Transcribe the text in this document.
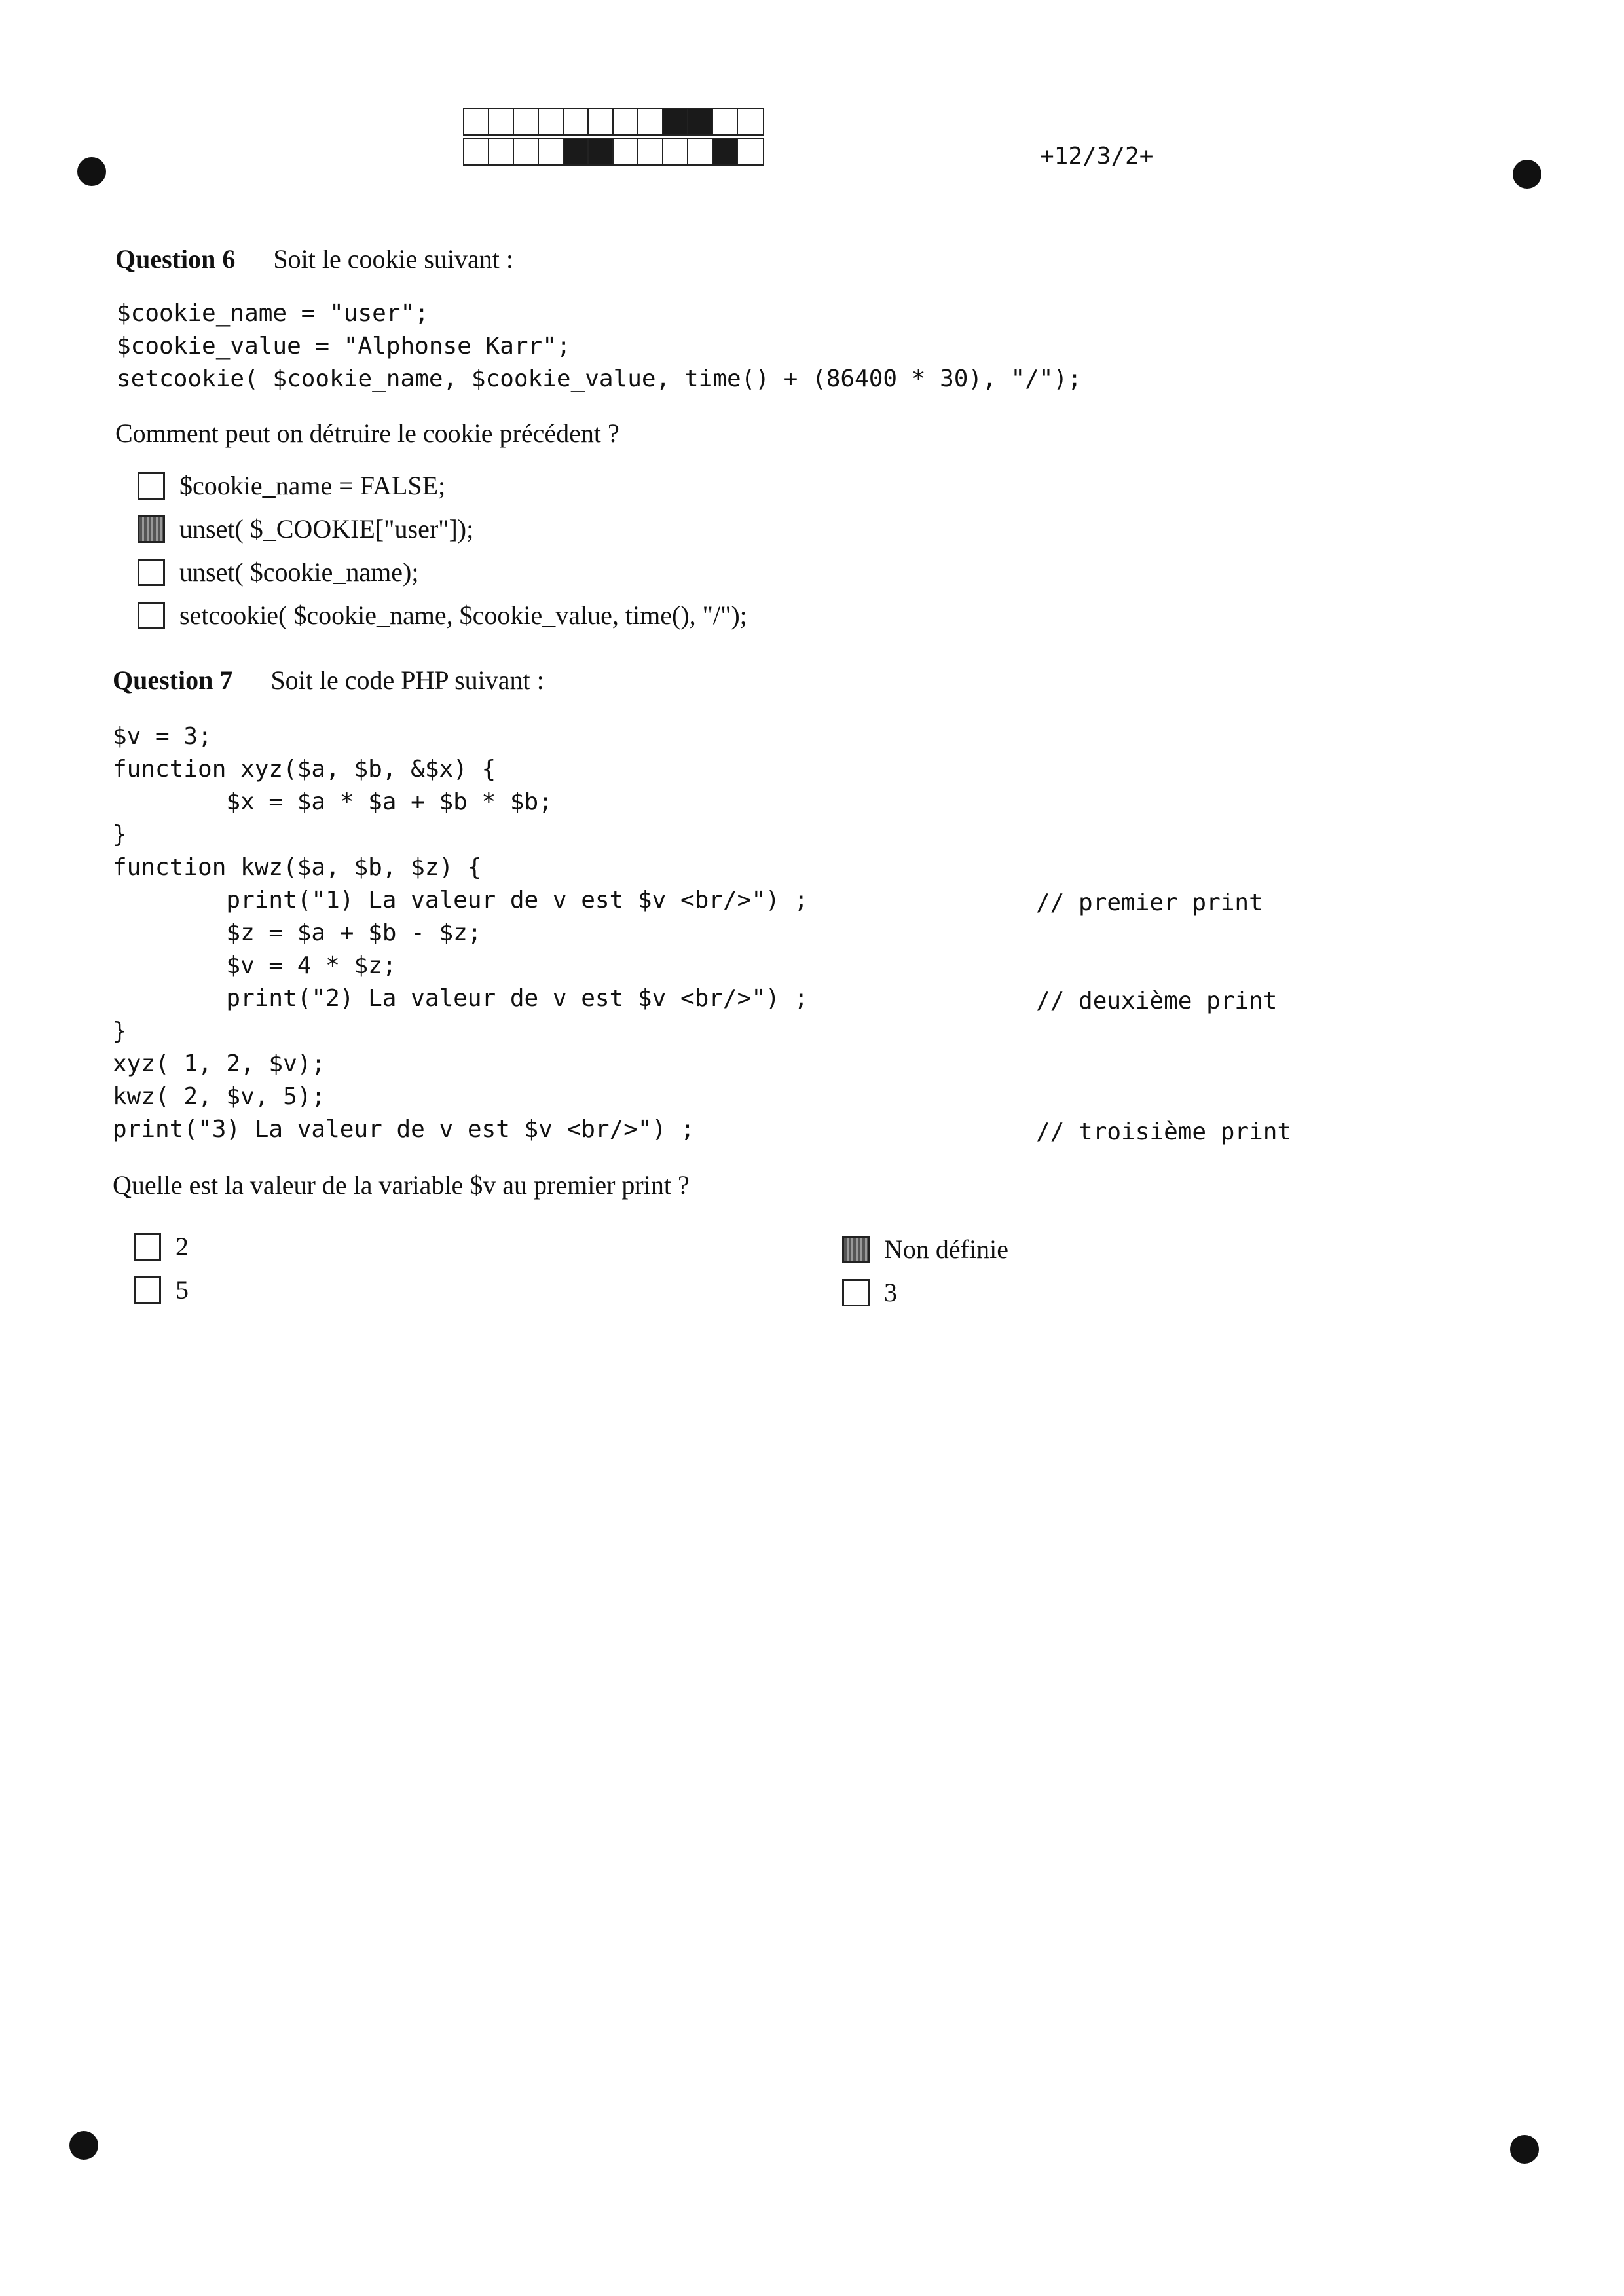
+12/3/2+
Question 6 Soit le cookie suivant :
$cookie_name = "user";
$cookie_value = "Alphonse Karr";
setcookie( $cookie_name, $cookie_value, time() + (86400 * 30), "/");
Comment peut on détruire le cookie précédent ?
$cookie_name = FALSE;
unset( $_COOKIE["user"]);
unset( $cookie_name);
setcookie( $cookie_name, $cookie_value, time(), "/");
Question 7 Soit le code PHP suivant :
$v = 3;
function xyz($a, $b, &$x) {
$x = $a * $a + $b * $b;
}
function kwz($a, $b, $z) {
print("1) La valeur de v est $v <br/>") ;
$z = $a + $b - $z;
$v = 4 * $z;
print("2) La valeur de v est $v <br/>") ;
}
xyz( 1, 2, $v);
kwz( 2, $v, 5);
print("3) La valeur de v est $v <br/>") ;
// premier print
// deuxième print
// troisième print
Quelle est la valeur de la variable $v au premier print ?
2
5
Non définie
3
